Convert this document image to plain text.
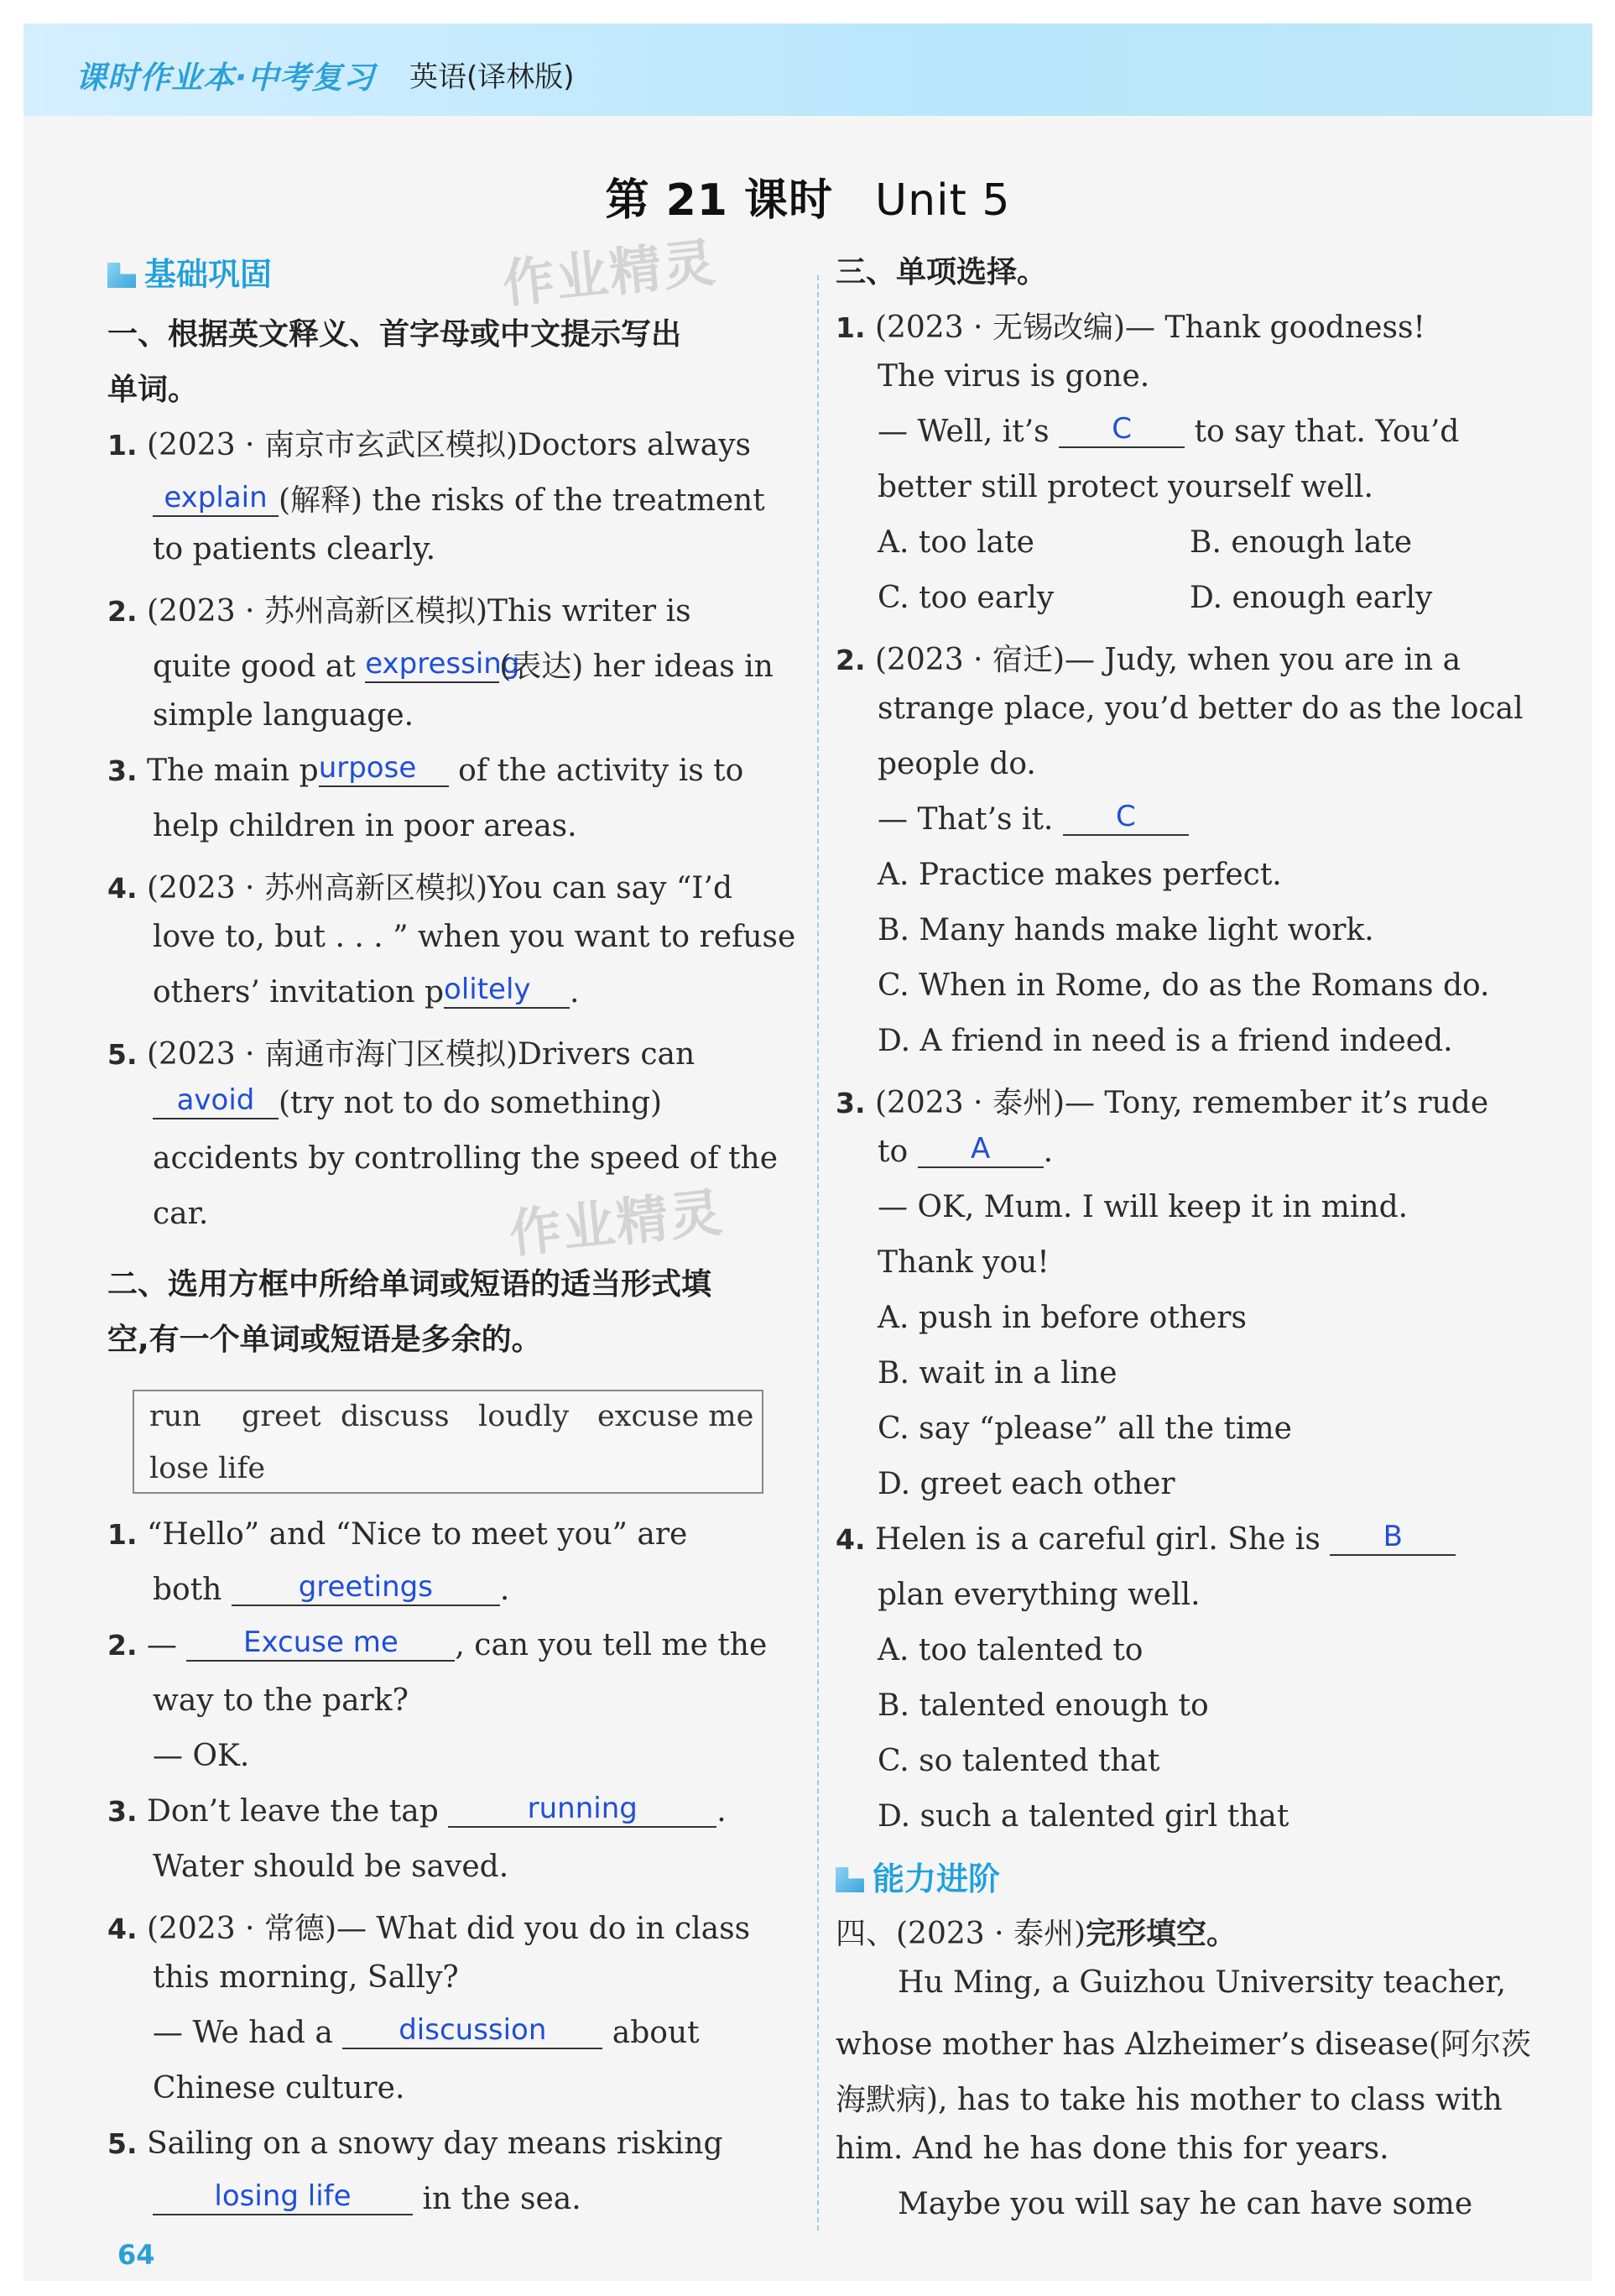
课时作业本·中考复习 英语(译林版)
第 21 课时 Unit 5
作业精灵
作业精灵
基础巩固
一、根据英文释义、首字母或中文提示写出
单词。
1. (2023 · 南京市玄武区模拟)Doctors always
explain (解释) the risks of the treatment
to patients clearly.
2. (2023 · 苏州高新区模拟)This writer is
quite good at expressing(表达) her ideas in
simple language.
3. The main purpose of the activity is to
help children in poor areas.
4. (2023 · 苏州高新区模拟)You can say “I’d
love to, but . . . ” when you want to refuse
others’ invitation politely .
5. (2023 · 南通市海门区模拟)Drivers can
avoid (try not to do something)
accidents by controlling the speed of the
car.
二、选用方框中所给单词或短语的适当形式填
空,有一个单词或短语是多余的。
run greet discuss loudly excuse me
lose life
1. “Hello” and “Nice to meet you” are
both	greetings .
2. — Excuse me , can you tell me the
way to the park?
— OK.
3. Don’t leave the tap	running	.
Water should be saved.
4. (2023 · 常德)— What did you do in class
this morning, Sally?
— We had a discussion about
Chinese culture.
5. Sailing on a snowy day means risking
losing life in the sea.
三、单项选择。
1. (2023 · 无锡改编)— Thank goodness!
The virus is gone.
— Well, it’s C to say that. You’d
better still protect yourself well.
A. too late	B. enough late
C. too early	D. enough early
2. (2023 · 宿迁)— Judy, when you are in a
strange place, you’d better do as the local
people do.
— That’s it. C
A. Practice makes perfect.
B. Many hands make light work.
C. When in Rome, do as the Romans do.
D. A friend in need is a friend indeed.
3. (2023 · 泰州)— Tony, remember it’s rude
to A .
— OK, Mum. I will keep it in mind.
Thank you!
A. push in before others
B. wait in a line
C. say “please” all the time
D. greet each other
4. Helen is a careful girl. She is B
plan everything well.
A. too talented to
B. talented enough to
C. so talented that
D. such a talented girl that
能力进阶
四、(2023 · 泰州)完形填空。
Hu Ming, a Guizhou University teacher,
whose mother has Alzheimer’s disease(阿尔茨
海默病), has to take his mother to class with
him. And he has done this for years.
Maybe you will say he can have some
64
